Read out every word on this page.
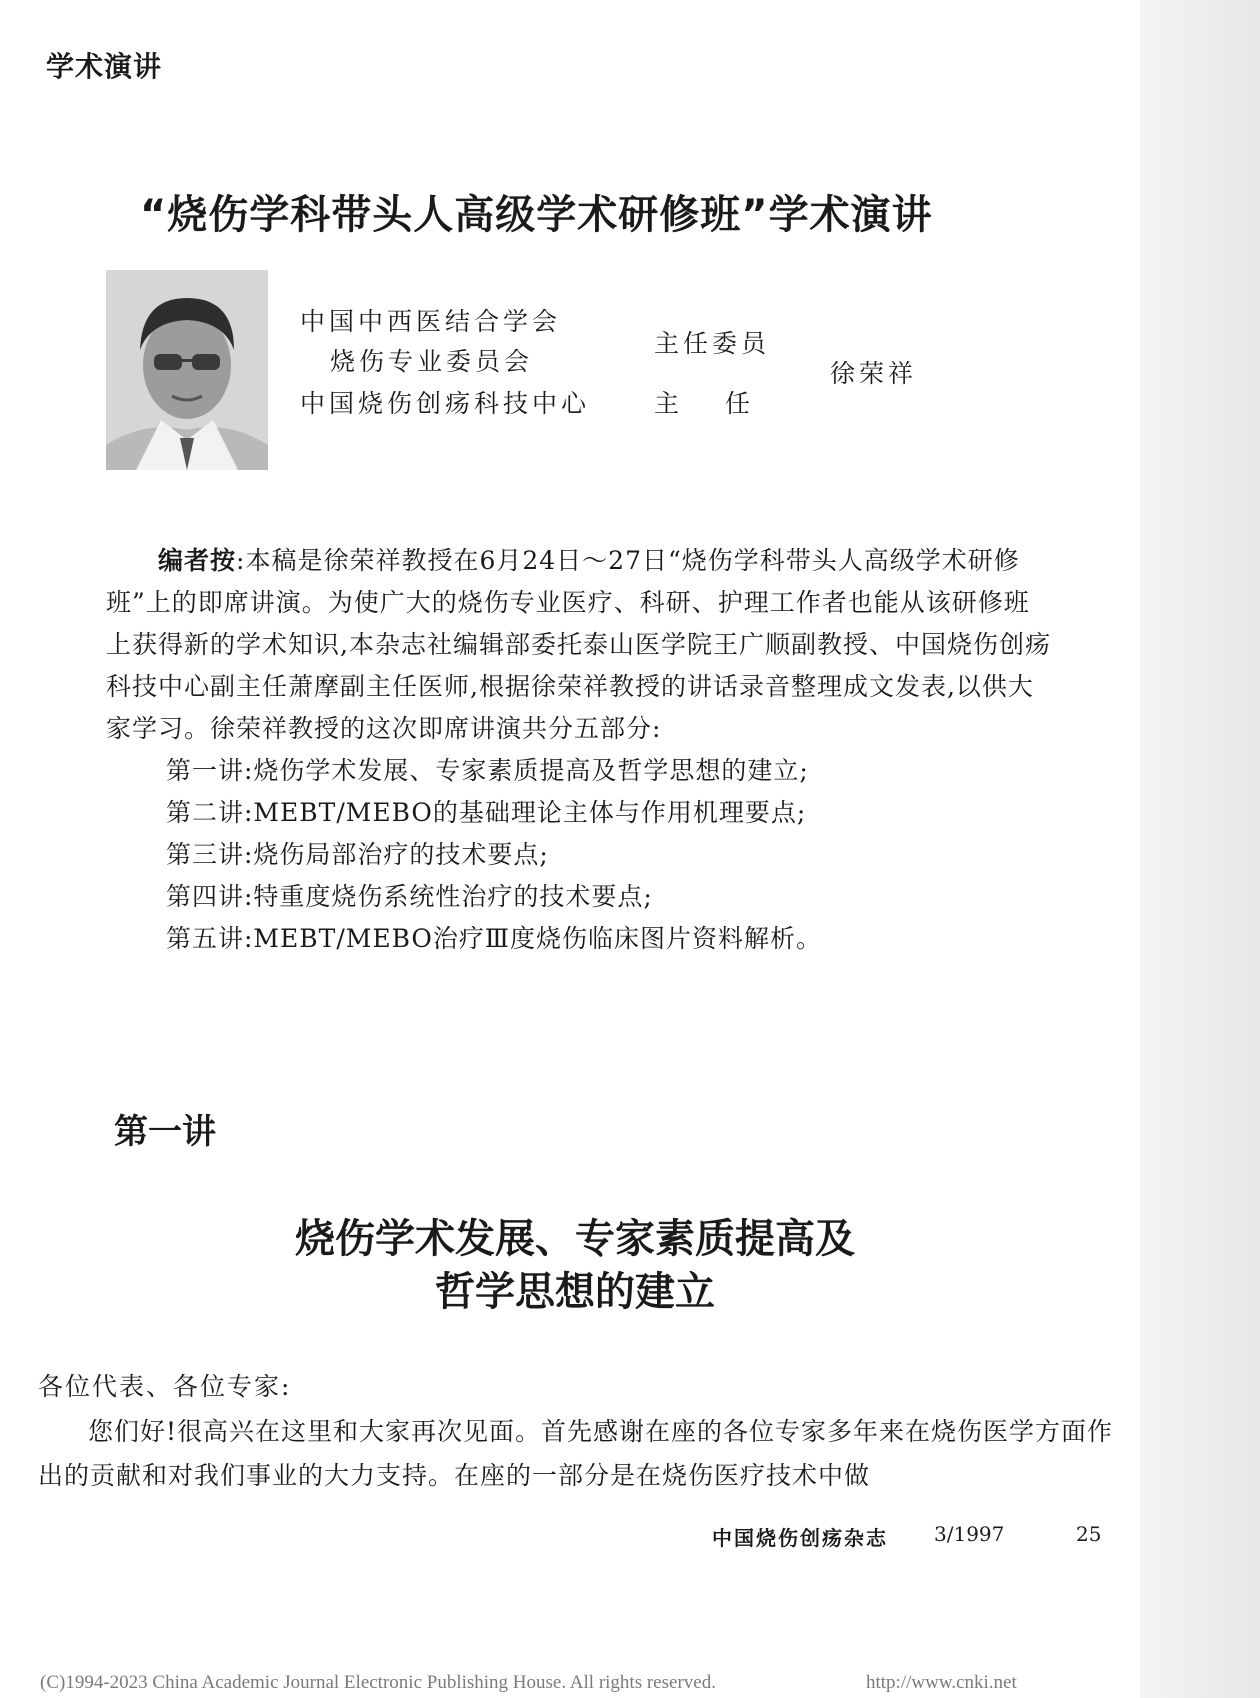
学术演讲
“烧伤学科带头人高级学术研修班”学术演讲
中国中西医结合学会
烧伤专业委员会
中国烧伤创疡科技中心
主任委员
主任
徐荣祥

编者按:本稿是徐荣祥教授在6月24日～27日“烧伤学科带头人高级学术研修班”上的即席讲演。为使广大的烧伤专业医疗、科研、护理工作者也能从该研修班上获得新的学术知识,本杂志社编辑部委托泰山医学院王广顺副教授、中国烧伤创疡科技中心副主任萧摩副主任医师,根据徐荣祥教授的讲话录音整理成文发表,以供大家学习。徐荣祥教授的这次即席讲演共分五部分:

第一讲:烧伤学术发展、专家素质提高及哲学思想的建立;
第二讲:MEBT/MEBO的基础理论主体与作用机理要点;
第三讲:烧伤局部治疗的技术要点;
第四讲:特重度烧伤系统性治疗的技术要点;
第五讲:MEBT/MEBO治疗Ⅲ度烧伤临床图片资料解析。
第一讲
烧伤学术发展、专家素质提高及
哲学思想的建立
各位代表、各位专家:

您们好!很高兴在这里和大家再次见面。首先感谢在座的各位专家多年来在烧伤医学方面作出的贡献和对我们事业的大力支持。在座的一部分是在烧伤医疗技术中做

中国烧伤创疡杂志 3/1997	25
(C)1994-2023 China Academic Journal Electronic Publishing House. All rights reserved.	http://www.cnki.net
